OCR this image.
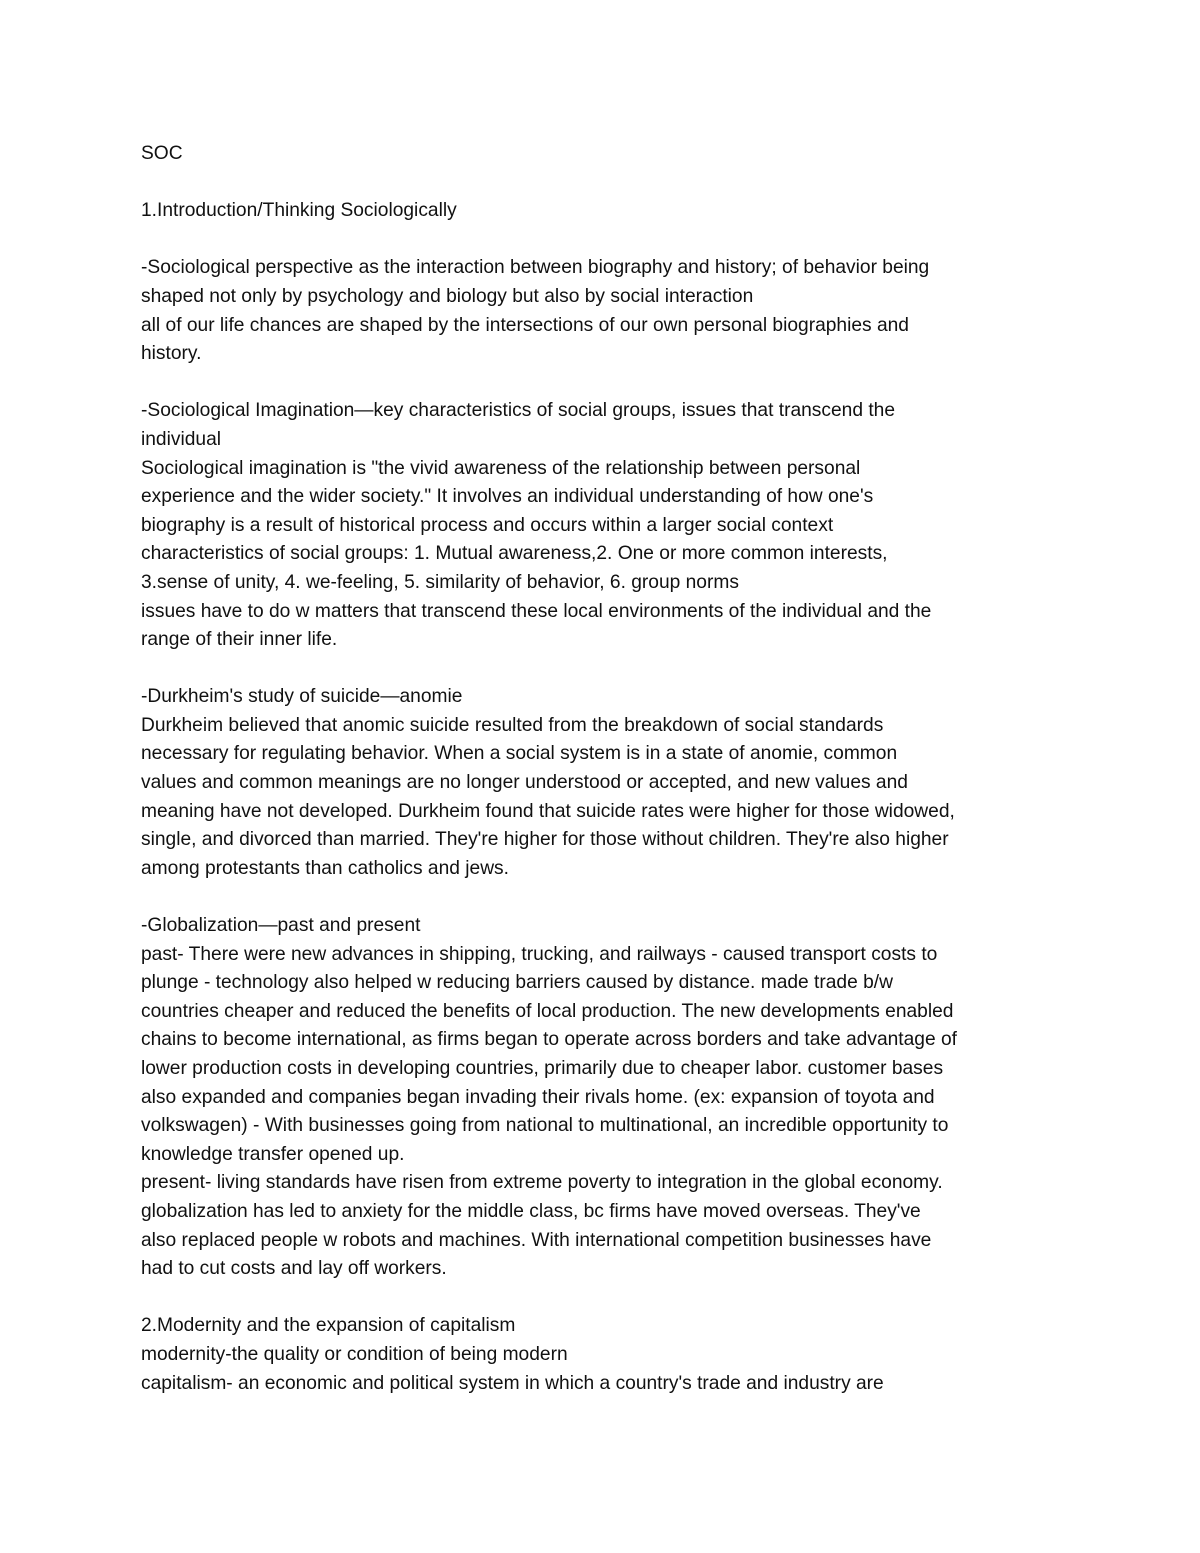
SOC
1.Introduction/Thinking Sociologically
-Sociological perspective as the interaction between biography and history; of behavior being
shaped not only by psychology and biology but also by social interaction
all of our life chances are shaped by the intersections of our own personal biographies and
history.
-Sociological Imagination—key characteristics of social groups, issues that transcend the
individual
Sociological imagination is "the vivid awareness of the relationship between personal
experience and the wider society." It involves an individual understanding of how one's
biography is a result of historical process and occurs within a larger social context
characteristics of social groups: 1. Mutual awareness,2. One or more common interests,
3.sense of unity, 4. we-feeling, 5. similarity of behavior, 6. group norms
issues have to do w matters that transcend these local environments of the individual and the
range of their inner life.
-Durkheim's study of suicide—anomie
Durkheim believed that anomic suicide resulted from the breakdown of social standards
necessary for regulating behavior. When a social system is in a state of anomie, common
values and common meanings are no longer understood or accepted, and new values and
meaning have not developed. Durkheim found that suicide rates were higher for those widowed,
single, and divorced than married. They're higher for those without children. They're also higher
among protestants than catholics and jews.
-Globalization—past and present
past- There were new advances in shipping, trucking, and railways - caused transport costs to
plunge - technology also helped w reducing barriers caused by distance. made trade b/w
countries cheaper and reduced the benefits of local production. The new developments enabled
chains to become international, as firms began to operate across borders and take advantage of
lower production costs in developing countries, primarily due to cheaper labor. customer bases
also expanded and companies began invading their rivals home. (ex: expansion of toyota and
volkswagen) - With businesses going from national to multinational, an incredible opportunity to
knowledge transfer opened up.
present- living standards have risen from extreme poverty to integration in the global economy.
globalization has led to anxiety for the middle class, bc firms have moved overseas. They've
also replaced people w robots and machines. With international competition businesses have
had to cut costs and lay off workers.
2.Modernity and the expansion of capitalism
modernity-the quality or condition of being modern
capitalism- an economic and political system in which a country's trade and industry are
